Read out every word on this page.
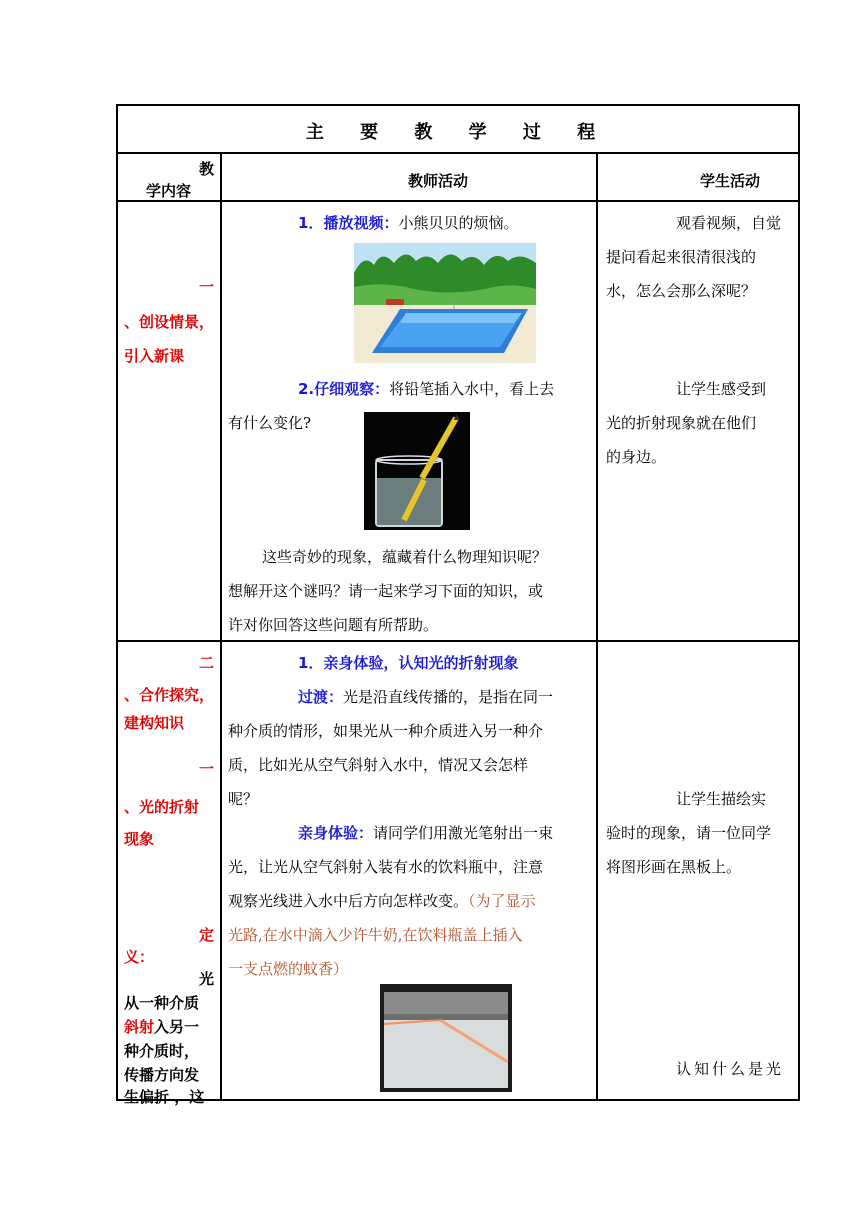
主 要 教 学 过 程
教
学内容
教师活动	学生活动
一
、创设情景，
引入新课
1．播放视频：小熊贝贝的烦恼。
2.仔细观察：将铅笔插入水中，看上去
有什么变化?
这些奇妙的现象，蕴藏着什么物理知识呢？
想解开这个谜吗？请一起来学习下面的知识，或
许对你回答这些问题有所帮助。
观看视频，自觉
提问看起来很清很浅的
水，怎么会那么深呢？
让学生感受到
光的折射现象就在他们
的身边。
二
、合作探究，
建构知识
一
、光的折射
现象
定
义：
光
从一种介质
斜射入另一
种介质时，
传播方向发
生偏折 ，这
1．亲身体验，认知光的折射现象
过渡：光是沿直线传播的，是指在同一
种介质的情形，如果光从一种介质进入另一种介
质，比如光从空气斜射入水中，情况又会怎样
呢？
亲身体验：请同学们用激光笔射出一束
光，让光从空气斜射入装有水的饮料瓶中，注意
观察光线进入水中后方向怎样改变。（为了显示
光路,在水中滴入少许牛奶,在饮料瓶盖上插入
一支点燃的蚊香）
让学生描绘实
验时的现象，请一位同学
将图形画在黑板上。
认知什么是光
